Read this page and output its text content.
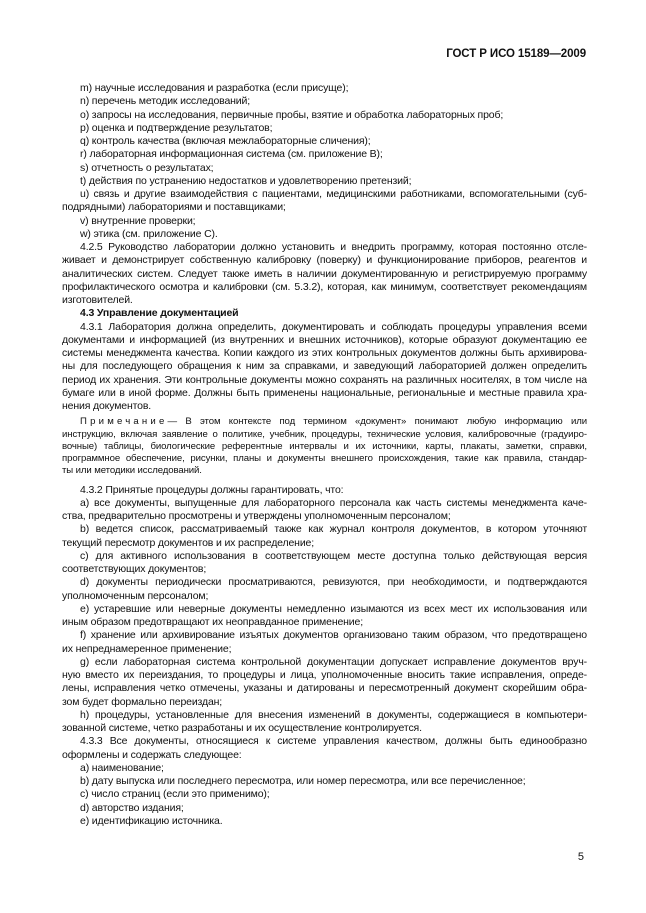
ГОСТ Р ИСО 15189—2009
m) научные исследования и разработка (если присуще);
n) перечень методик исследований;
o) запросы на исследования, первичные пробы, взятие и обработка лабораторных проб;
p) оценка и подтверждение результатов;
q) контроль качества (включая межлабораторные сличения);
r) лабораторная информационная система (см. приложение В);
s) отчетность о результатах;
t) действия по устранению недостатков и удовлетворению претензий;
u) связь и другие взаимодействия с пациентами, медицинскими работниками, вспомогательными (суб-
подрядными) лабораториями и поставщиками;
v) внутренние проверки;
w) этика (см. приложение С).
4.2.5 Руководство лаборатории должно установить и внедрить программу, которая постоянно отсле-
живает и демонстрирует собственную калибровку (поверку) и функционирование приборов, реагентов и
аналитических систем. Следует также иметь в наличии документированную и регистрируемую программу
профилактического осмотра и калибровки (см. 5.3.2), которая, как минимум, соответствует рекомендациям
изготовителей.
4.3 Управление документацией
4.3.1 Лаборатория должна определить, документировать и соблюдать процедуры управления всеми
документами и информацией (из внутренних и внешних источников), которые образуют документацию ее
системы менеджмента качества. Копии каждого из этих контрольных документов должны быть архивирова-
ны для последующего обращения к ним за справками, и заведующий лабораторией должен определить
период их хранения. Эти контрольные документы можно сохранять на различных носителях, в том числе на
бумаге или в иной форме. Должны быть применены национальные, региональные и местные правила хра-
нения документов.
Примечание— В этом контексте под термином «документ» понимают любую информацию или
инструкцию, включая заявление о политике, учебник, процедуры, технические условия, калибровочные (градуиро-
вочные) таблицы, биологические референтные интервалы и их источники, карты, плакаты, заметки, справки,
программное обеспечение, рисунки, планы и документы внешнего происхождения, такие как правила, стандар-
ты или методики исследований.
4.3.2 Принятые процедуры должны гарантировать, что:
a) все документы, выпущенные для лабораторного персонала как часть системы менеджмента каче-
ства, предварительно просмотрены и утверждены уполномоченным персоналом;
b) ведется список, рассматриваемый также как журнал контроля документов, в котором уточняют
текущий пересмотр документов и их распределение;
c) для активного использования в соответствующем месте доступна только действующая версия
соответствующих документов;
d) документы периодически просматриваются, ревизуются, при необходимости, и подтверждаются
уполномоченным персоналом;
e) устаревшие или неверные документы немедленно изымаются из всех мест их использования или
иным образом предотвращают их неоправданное применение;
f) хранение или архивирование изъятых документов организовано таким образом, что предотвращено
их непреднамеренное применение;
g) если лабораторная система контрольной документации допускает исправление документов вруч-
ную вместо их переиздания, то процедуры и лица, уполномоченные вносить такие исправления, опреде-
лены, исправления четко отмечены, указаны и датированы и пересмотренный документ скорейшим обра-
зом будет формально переиздан;
h) процедуры, установленные для внесения изменений в документы, содержащиеся в компьютери-
зованной системе, четко разработаны и их осуществление контролируется.
4.3.3 Все документы, относящиеся к системе управления качеством, должны быть единообразно
оформлены и содержать следующее:
a) наименование;
b) дату выпуска или последнего пересмотра, или номер пересмотра, или все перечисленное;
c) число страниц (если это применимо);
d) авторство издания;
e) идентификацию источника.
5
